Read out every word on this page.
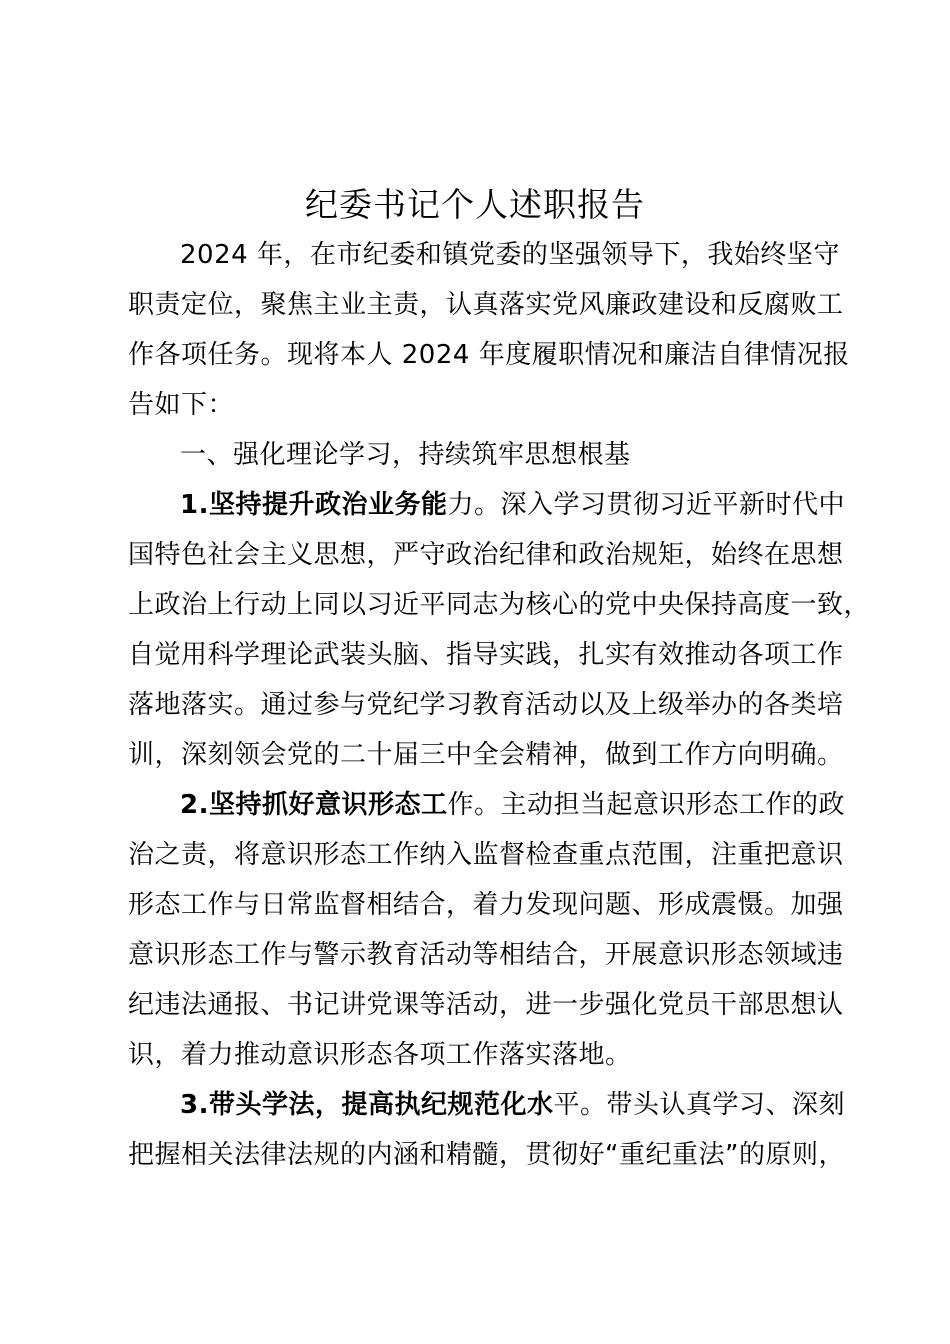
纪委书记个人述职报告
2024 年，在市纪委和镇党委的坚强领导下，我始终坚守
职责定位，聚焦主业主责，认真落实党风廉政建设和反腐败工
作各项任务。现将本人 2024 年度履职情况和廉洁自律情况报
告如下：
一、强化理论学习，持续筑牢思想根基
1.坚持提升政治业务能力。深入学习贯彻习近平新时代中
国特色社会主义思想，严守政治纪律和政治规矩，始终在思想
上政治上行动上同以习近平同志为核心的党中央保持高度一致，
自觉用科学理论武装头脑、指导实践，扎实有效推动各项工作
落地落实。通过参与党纪学习教育活动以及上级举办的各类培
训，深刻领会党的二十届三中全会精神，做到工作方向明确。
2.坚持抓好意识形态工作。主动担当起意识形态工作的政
治之责，将意识形态工作纳入监督检查重点范围，注重把意识
形态工作与日常监督相结合，着力发现问题、形成震慑。加强
意识形态工作与警示教育活动等相结合，开展意识形态领域违
纪违法通报、书记讲党课等活动，进一步强化党员干部思想认
识，着力推动意识形态各项工作落实落地。
3.带头学法，提高执纪规范化水平。带头认真学习、深刻
把握相关法律法规的内涵和精髓，贯彻好“重纪重法”的原则，
